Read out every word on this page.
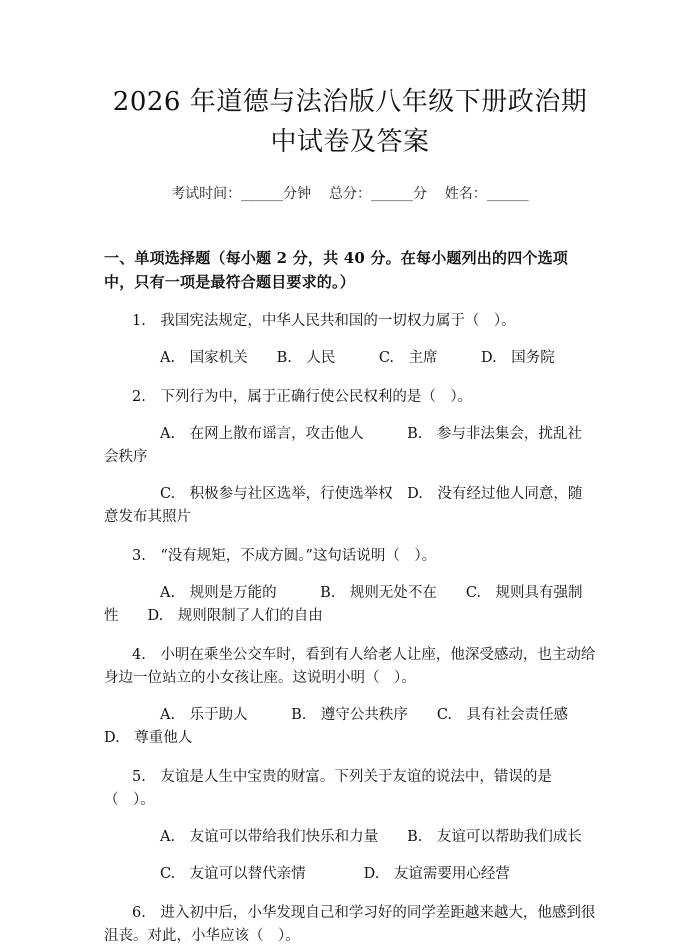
2026 年道德与法治版八年级下册政治期中试卷及答案
考试时间：______分钟    总分：______分    姓名：______
一、单项选择题（每小题 2 分，共 40 分。在每小题列出的四个选项中，只有一项是最符合题目要求的。）
1.　我国宪法规定，中华人民共和国的一切权力属于（　）。
A.　国家机关　　B.　人民　　　C.　主席　　　D.　国务院
2.　下列行为中，属于正确行使公民权利的是（　）。
A.　在网上散布谣言，攻击他人　　　B.　参与非法集会，扰乱社会秩序
C.　积极参与社区选举，行使选举权　D.　没有经过他人同意，随意发布其照片
3.　“没有规矩，不成方圆。”这句话说明（　）。
A.　规则是万能的　　　B.　规则无处不在　　C.　规则具有强制性　　D.　规则限制了人们的自由
4.　小明在乘坐公交车时，看到有人给老人让座，他深受感动，也主动给身边一位站立的小女孩让座。这说明小明（　）。
A.　乐于助人　　　B.　遵守公共秩序　　C.　具有社会责任感　　D.　尊重他人
5.　友谊是人生中宝贵的财富。下列关于友谊的说法中，错误的是（　）。
A.　友谊可以带给我们快乐和力量　　B.　友谊可以帮助我们成长
C.　友谊可以替代亲情　　　　D.　友谊需要用心经营
6.　进入初中后，小华发现自己和学习好的同学差距越来越大，他感到很沮丧。对此，小华应该（　）。
